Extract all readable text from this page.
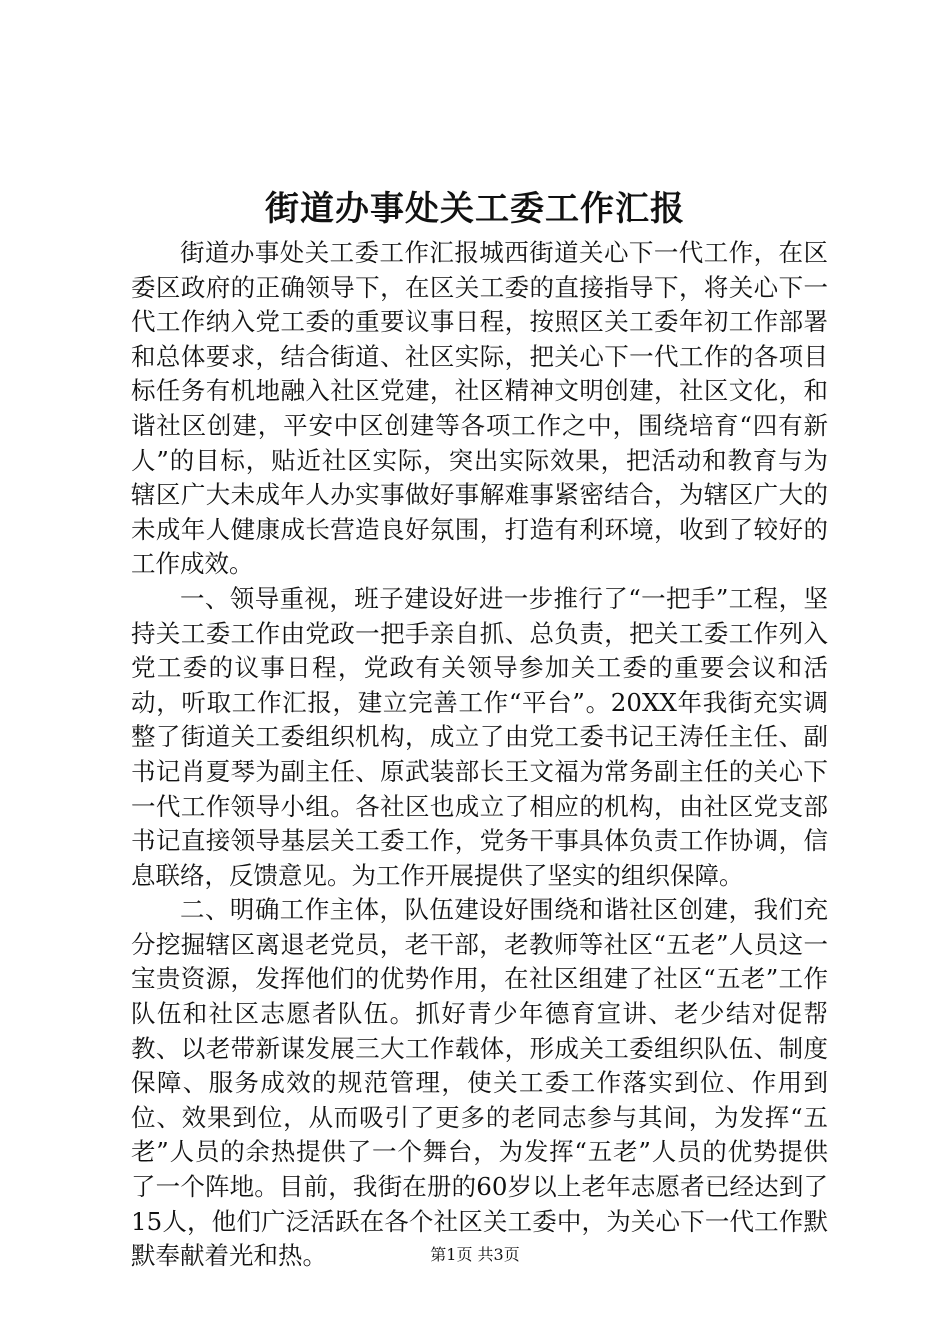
街道办事处关工委工作汇报

街道办事处关工委工作汇报城西街道关心下一代工作，在区委区政府的正确领导下，在区关工委的直接指导下，将关心下一代工作纳入党工委的重要议事日程，按照区关工委年初工作部署和总体要求，结合街道、社区实际，把关心下一代工作的各项目标任务有机地融入社区党建，社区精神文明创建，社区文化，和谐社区创建，平安中区创建等各项工作之中，围绕培育“四有新人”的目标，贴近社区实际，突出实际效果，把活动和教育与为辖区广大未成年人办实事做好事解难事紧密结合，为辖区广大的未成年人健康成长营造良好氛围，打造有利环境，收到了较好的工作成效。

一、领导重视，班子建设好进一步推行了“一把手”工程，坚持关工委工作由党政一把手亲自抓、总负责，把关工委工作列入党工委的议事日程，党政有关领导参加关工委的重要会议和活动，听取工作汇报，建立完善工作“平台”。20XX年我街充实调整了街道关工委组织机构，成立了由党工委书记王涛任主任、副书记肖夏琴为副主任、原武装部长王文福为常务副主任的关心下一代工作领导小组。各社区也成立了相应的机构，由社区党支部书记直接领导基层关工委工作，党务干事具体负责工作协调，信息联络，反馈意见。为工作开展提供了坚实的组织保障。

二、明确工作主体，队伍建设好围绕和谐社区创建，我们充分挖掘辖区离退老党员，老干部，老教师等社区“五老”人员这一宝贵资源，发挥他们的优势作用，在社区组建了社区“五老”工作队伍和社区志愿者队伍。抓好青少年德育宣讲、老少结对促帮教、以老带新谋发展三大工作载体，形成关工委组织队伍、制度保障、服务成效的规范管理，使关工委工作落实到位、作用到位、效果到位，从而吸引了更多的老同志参与其间，为发挥“五老”人员的余热提供了一个舞台，为发挥“五老”人员的优势提供了一个阵地。目前，我街在册的60岁以上老年志愿者已经达到了15人，他们广泛活跃在各个社区关工委中，为关心下一代工作默默奉献着光和热。	第1页 共3页
